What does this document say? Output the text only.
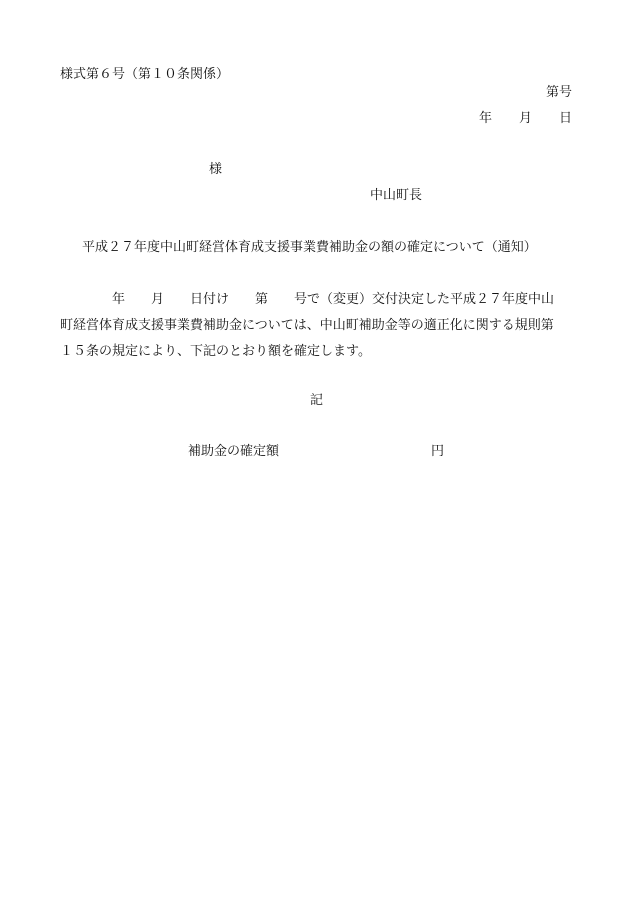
様式第６号（第１０条関係）
第号
年 月 日
様
中山町長
平成２７年度中山町経営体育成支援事業費補助金の額の確定について（通知）
　　　　年　　月　　日付け　　第　　号で（変更）交付決定した平成２７年度中山
町経営体育成支援事業費補助金については、中山町補助金等の適正化に関する規則第
１５条の規定により、下記のとおり額を確定します。
記
補助金の確定額	円
